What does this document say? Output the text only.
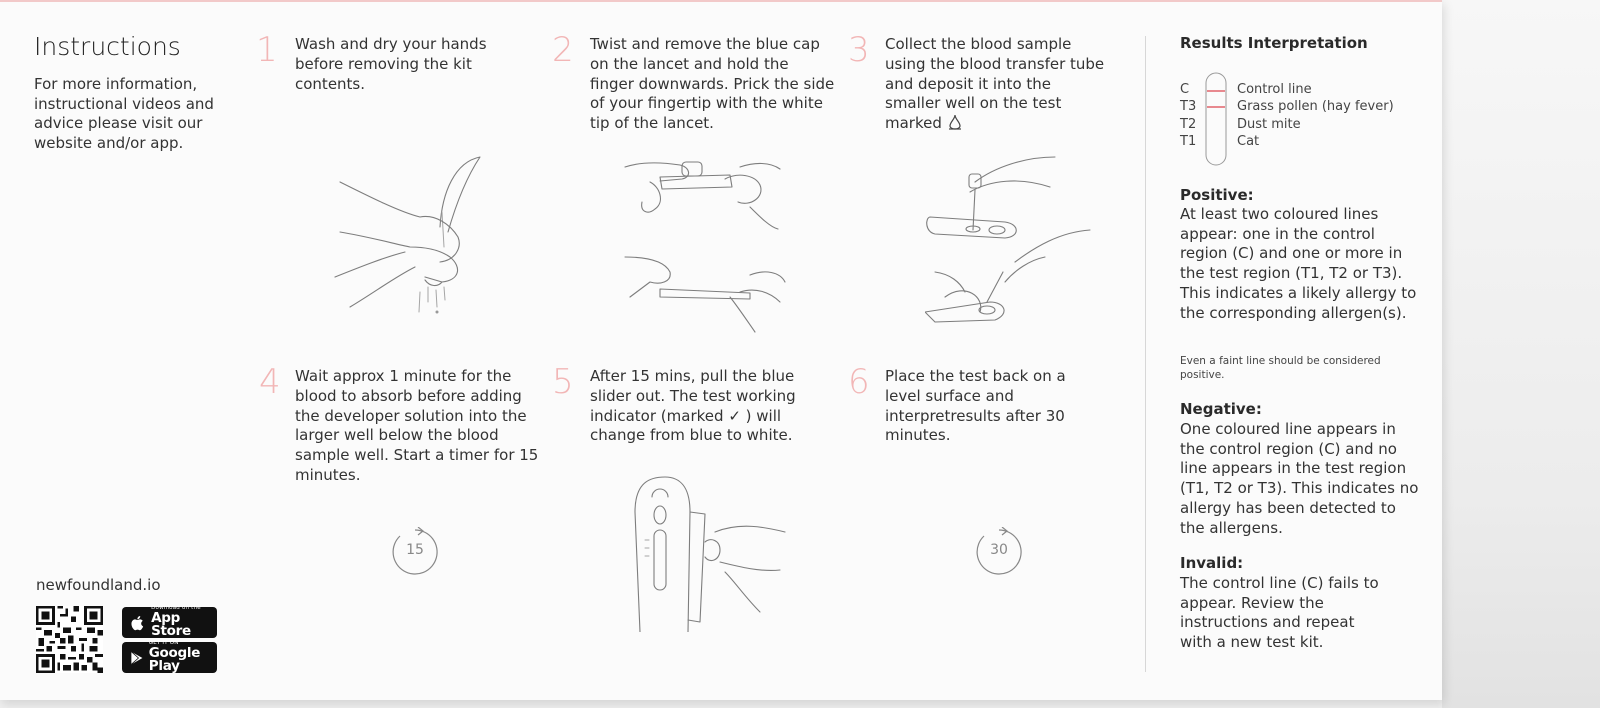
Instructions
For more information, instructional videos and advice please visit our website and/or app.
1 Wash and dry your hands before removing the kit contents.
2 Twist and remove the blue cap on the lancet and hold the finger downwards. Prick the side of your fingertip with the white tip of the lancet.
3 Collect the blood sample using the blood transfer tube and deposit it into the smaller well on the test marked
4 Wait approx 1 minute for the blood to absorb before adding the developer solution into the larger well below the blood sample well. Start a timer for 15 minutes.
5 After 15 mins, pull the blue slider out. The test working indicator (marked ✓ ) will change from blue to white.
6 Place the test back on a level surface and interpretresults after 30 minutes.
15	30
newfoundland.io
Download on the
App Store
GET IT ON
Google Play
Results Interpretation
C
T3
T2
T1
Control line
Grass pollen (hay fever)
Dust mite
Cat
Positive:
At least two coloured lines appear: one in the control region (C) and one or more in the test region (T1, T2 or T3). This indicates a likely allergy to the corresponding allergen(s).
Even a faint line should be considered positive.
Negative:
One coloured line appears in the control region (C) and no line appears in the test region (T1, T2 or T3). This indicates no allergy has been detected to the allergens.
Invalid:
The control line (C) fails to appear. Review the instructions and repeat with a new test kit.
